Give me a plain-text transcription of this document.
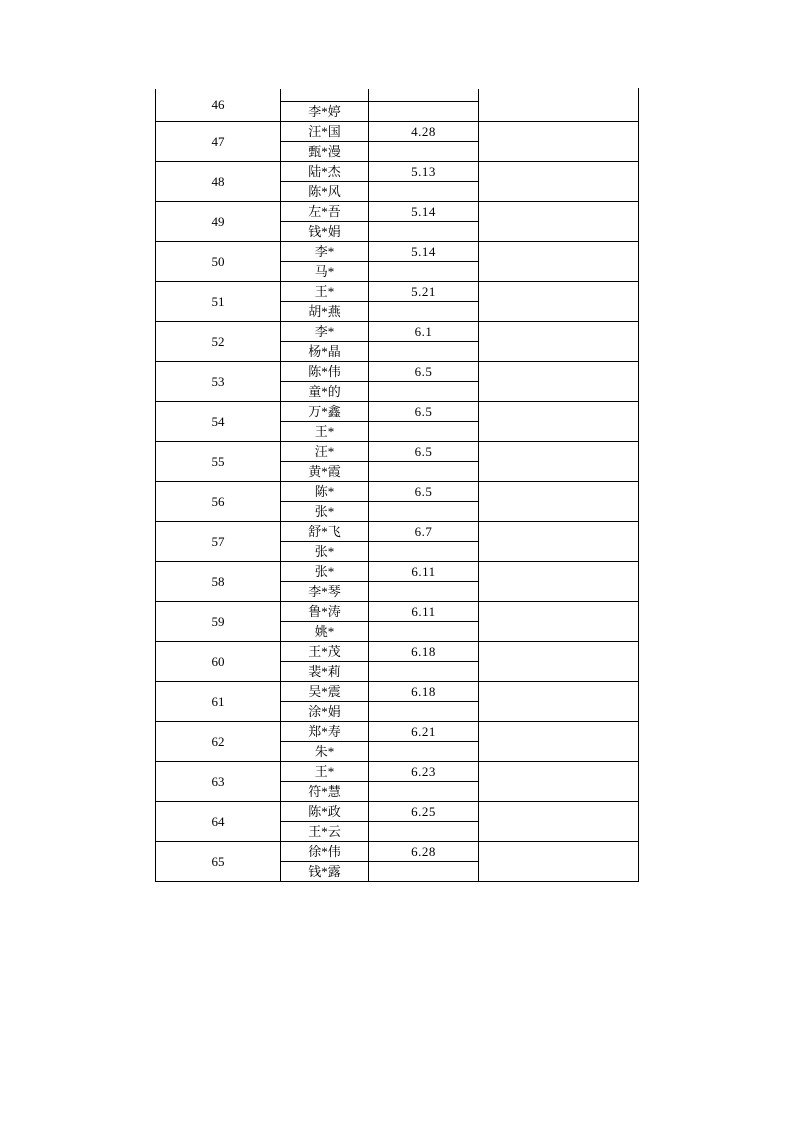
46			
	李*婷		
47	汪*国	4.28	
	甄*漫		
48	陆*杰	5.13	
	陈*风		
49	左*吾	5.14	
	钱*娟		
50	李*	5.14	
	马*		
51	王*	5.21	
	胡*燕		
52	李*	6.1	
	杨*晶		
53	陈*伟	6.5	
	童*的		
54	万*鑫	6.5	
	王*		
55	汪*	6.5	
	黄*霞		
56	陈*	6.5	
	张*		
57	舒*飞	6.7	
	张*		
58	张*	6.11	
	李*琴		
59	鲁*涛	6.11	
	姚*		
60	王*茂	6.18	
	裴*莉		
61	吴*震	6.18	
	涂*娟		
62	郑*寿	6.21	
	朱*		
63	王*	6.23	
	符*慧		
64	陈*政	6.25	
	王*云		
65	徐*伟	6.28	
	钱*露		
